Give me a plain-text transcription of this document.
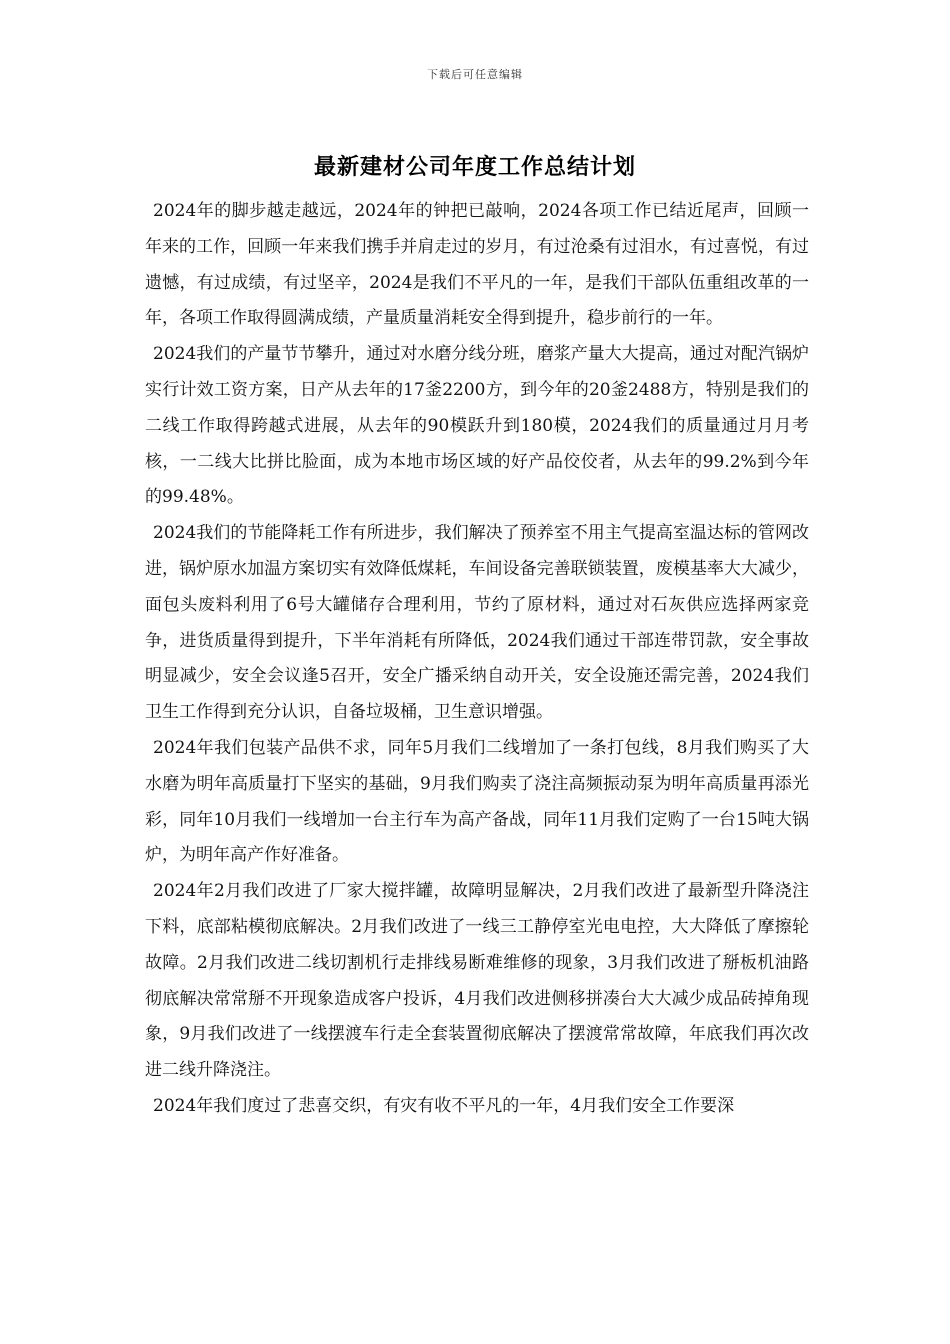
下载后可任意编辑
最新建材公司年度工作总结计划

2024年的脚步越走越远，2024年的钟把已敲响，2024各项工作已结近尾声，回顾一年来的工作，回顾一年来我们携手并肩走过的岁月，有过沧桑有过泪水，有过喜悦，有过遗憾，有过成绩，有过坚辛，2024是我们不平凡的一年，是我们干部队伍重组改革的一年，各项工作取得圆满成绩，产量质量消耗安全得到提升，稳步前行的一年。

2024我们的产量节节攀升，通过对水磨分线分班，磨浆产量大大提高，通过对配汽锅炉实行计效工资方案，日产从去年的17釜2200方，到今年的20釜2488方，特别是我们的二线工作取得跨越式进展，从去年的90模跃升到180模，2024我们的质量通过月月考核，一二线大比拼比脸面，成为本地市场区域的好产品佼佼者，从去年的99.2%到今年的99.48%。

2024我们的节能降耗工作有所进步，我们解决了预养室不用主气提高室温达标的管网改进，锅炉原水加温方案切实有效降低煤耗，车间设备完善联锁装置，废模基率大大减少，面包头废料利用了6号大罐储存合理利用，节约了原材料，通过对石灰供应选择两家竞争，进货质量得到提升，下半年消耗有所降低，2024我们通过干部连带罚款，安全事故明显减少，安全会议逢5召开，安全广播采纳自动开关，安全设施还需完善，2024我们卫生工作得到充分认识，自备垃圾桶，卫生意识增强。

2024年我们包装产品供不求，同年5月我们二线增加了一条打包线，8月我们购买了大水磨为明年高质量打下坚实的基础，9月我们购卖了浇注高频振动泵为明年高质量再添光彩，同年10月我们一线增加一台主行车为高产备战，同年11月我们定购了一台15吨大锅炉，为明年高产作好准备。

2024年2月我们改进了厂家大搅拌罐，故障明显解决，2月我们改进了最新型升降浇注下料，底部粘模彻底解决。2月我们改进了一线三工静停室光电电控，大大降低了摩擦轮故障。2月我们改进二线切割机行走排线易断难维修的现象，3月我们改进了掰板机油路彻底解决常常掰不开现象造成客户投诉，4月我们改进侧移拼凑台大大减少成品砖掉角现象，9月我们改进了一线摆渡车行走全套装置彻底解决了摆渡常常故障，年底我们再次改进二线升降浇注。

2024年我们度过了悲喜交织，有灾有收不平凡的一年，4月我们安全工作要深
